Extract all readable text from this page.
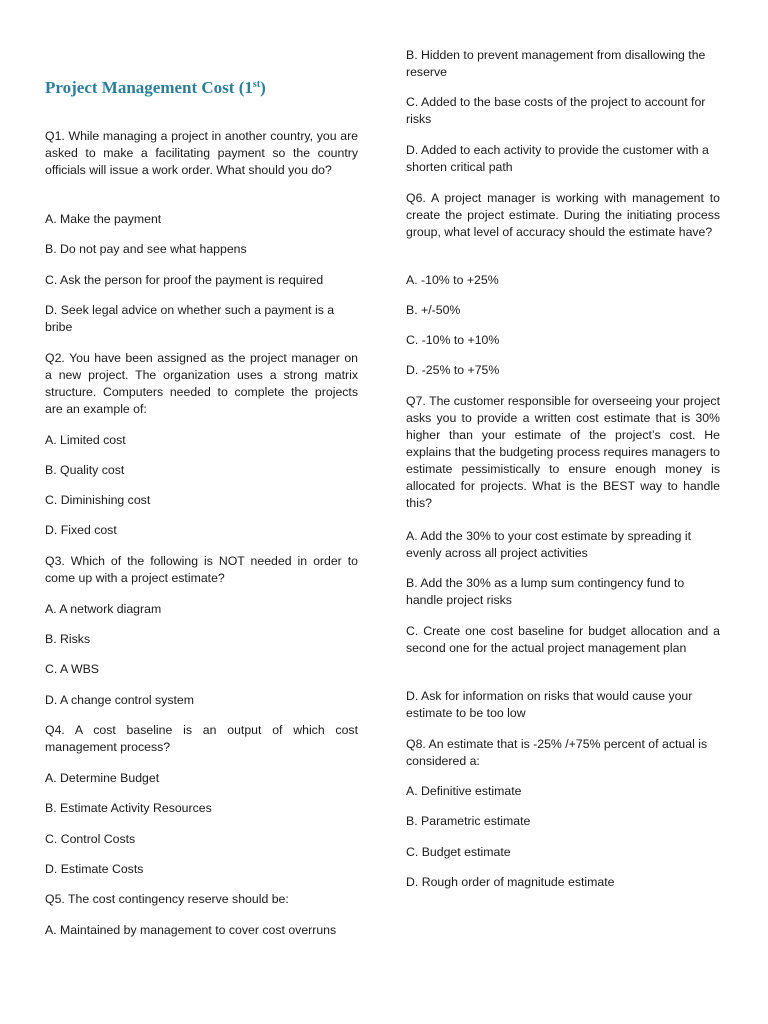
Project Management Cost (1st)

Q1. While managing a project in another country, you are asked to make a facilitating payment so the country officials will issue a work order. What should you do?

A. Make the payment

B. Do not pay and see what happens

C. Ask the person for proof the payment is required

D. Seek legal advice on whether such a payment is a bribe

Q2. You have been assigned as the project manager on a new project. The organization uses a strong matrix structure. Computers needed to complete the projects are an example of:

A. Limited cost

B. Quality cost

C. Diminishing cost

D. Fixed cost

Q3. Which of the following is NOT needed in order to come up with a project estimate?

A. A network diagram

B. Risks

C. A WBS

D. A change control system

Q4. A cost baseline is an output of which cost management process?

A. Determine Budget

B. Estimate Activity Resources

C. Control Costs

D. Estimate Costs

Q5. The cost contingency reserve should be:

A. Maintained by management to cover cost overruns

B. Hidden to prevent management from disallowing the reserve

C. Added to the base costs of the project to account for risks

D. Added to each activity to provide the customer with a shorten critical path

Q6. A project manager is working with management to create the project estimate. During the initiating process group, what level of accuracy should the estimate have?

A. -10% to +25%

B. +/-50%

C. -10% to +10%

D. -25% to +75%

Q7. The customer responsible for overseeing your project asks you to provide a written cost estimate that is 30% higher than your estimate of the project’s cost. He explains that the budgeting process requires managers to estimate pessimistically to ensure enough money is allocated for projects. What is the BEST way to handle this?

A. Add the 30% to your cost estimate by spreading it evenly across all project activities

B. Add the 30% as a lump sum contingency fund to handle project risks

C. Create one cost baseline for budget allocation and a second one for the actual project management plan

D. Ask for information on risks that would cause your estimate to be too low

Q8. An estimate that is -25% /+75% percent of actual is considered a:

A. Definitive estimate

B. Parametric estimate

C. Budget estimate

D. Rough order of magnitude estimate
